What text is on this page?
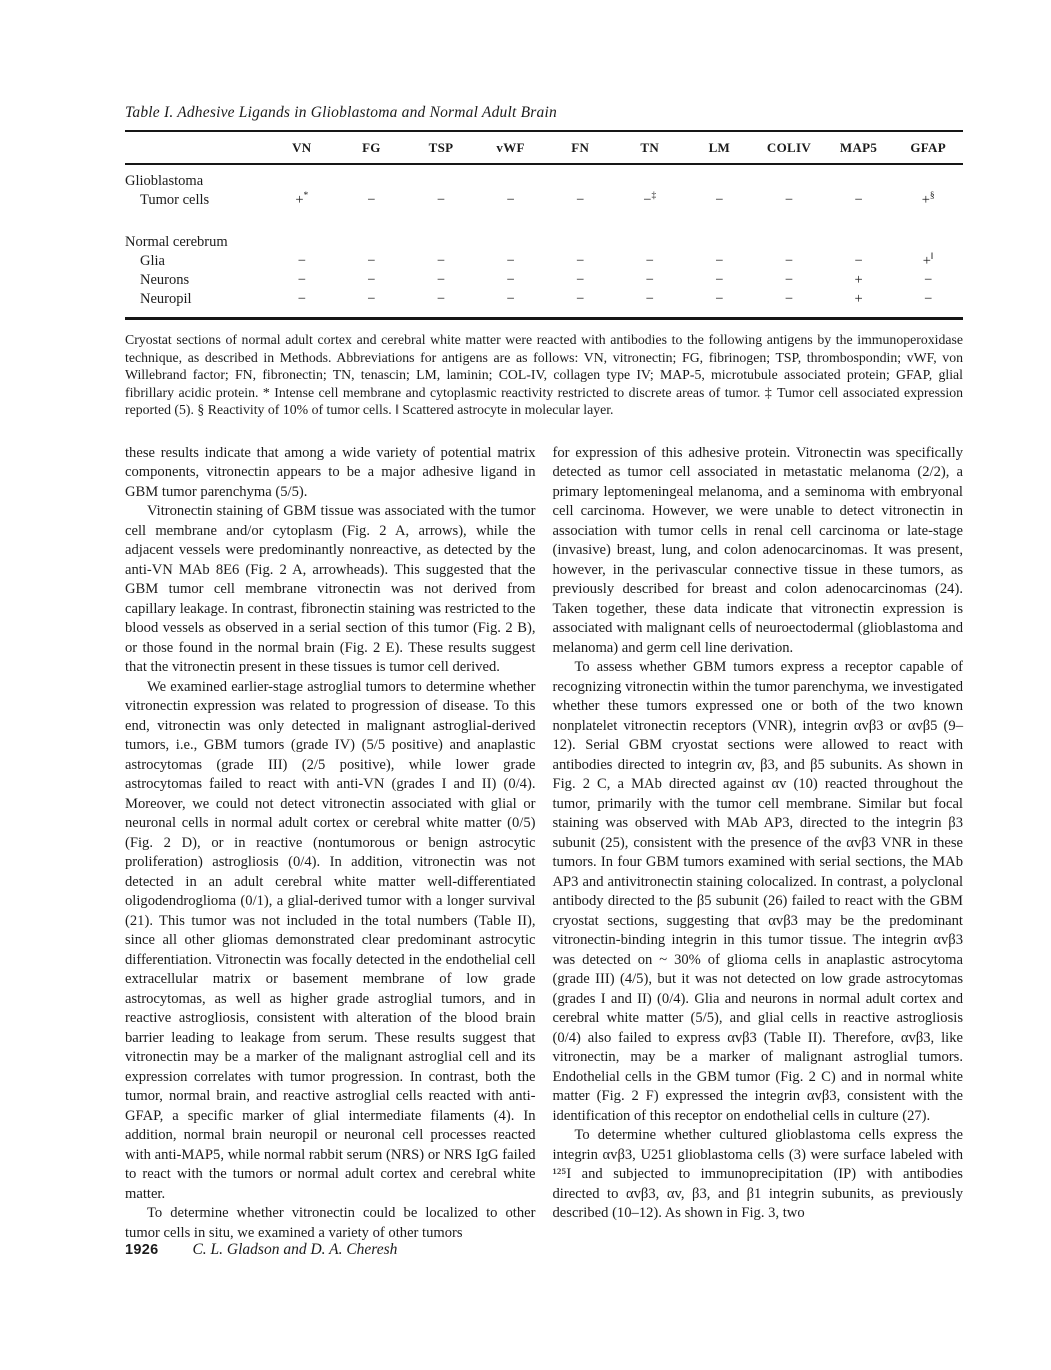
Table I. Adhesive Ligands in Glioblastoma and Normal Adult Brain

	VN	FG	TSP	vWF	FN	TN	LM	COLIV	MAP5	GFAP
Glioblastoma										
Tumor cells	+*	−	−	−	−	−‡	−	−	−	+§

Normal cerebrum										
Glia	−	−	−	−	−	−	−	−	−	+‖
Neurons	−	−	−	−	−	−	−	−	+	−
Neuropil	−	−	−	−	−	−	−	−	+	−

Cryostat sections of normal adult cortex and cerebral white matter were reacted with antibodies to the following antigens by the immunoperoxidase technique, as described in Methods. Abbreviations for antigens are as follows: VN, vitronectin; FG, fibrinogen; TSP, thrombospondin; vWF, von Willebrand factor; FN, fibronectin; TN, tenascin; LM, laminin; COL-IV, collagen type IV; MAP-5, microtubule associated protein; GFAP, glial fibrillary acidic protein. * Intense cell membrane and cytoplasmic reactivity restricted to discrete areas of tumor. ‡ Tumor cell associated expression reported (5). § Reactivity of 10% of tumor cells. ‖ Scattered astrocyte in molecular layer.

these results indicate that among a wide variety of potential matrix components, vitronectin appears to be a major adhesive ligand in GBM tumor parenchyma (5/5).

Vitronectin staining of GBM tissue was associated with the tumor cell membrane and/or cytoplasm (Fig. 2 A, arrows), while the adjacent vessels were predominantly nonreactive, as detected by the anti-VN MAb 8E6 (Fig. 2 A, arrowheads). This suggested that the GBM tumor cell membrane vitronectin was not derived from capillary leakage. In contrast, fibronectin staining was restricted to the blood vessels as observed in a serial section of this tumor (Fig. 2 B), or those found in the normal brain (Fig. 2 E). These results suggest that the vitronectin present in these tissues is tumor cell derived.

We examined earlier-stage astroglial tumors to determine whether vitronectin expression was related to progression of disease. To this end, vitronectin was only detected in malignant astroglial-derived tumors, i.e., GBM tumors (grade IV) (5/5 positive) and anaplastic astrocytomas (grade III) (2/5 positive), while lower grade astrocytomas failed to react with anti-VN (grades I and II) (0/4). Moreover, we could not detect vitronectin associated with glial or neuronal cells in normal adult cortex or cerebral white matter (0/5) (Fig. 2 D), or in reactive (nontumorous or benign astrocytic proliferation) astrogliosis (0/4). In addition, vitronectin was not detected in an adult cerebral white matter well-differentiated oligodendroglioma (0/1), a glial-derived tumor with a longer survival (21). This tumor was not included in the total numbers (Table II), since all other gliomas demonstrated clear predominant astrocytic differentiation. Vitronectin was focally detected in the endothelial cell extracellular matrix or basement membrane of low grade astrocytomas, as well as higher grade astroglial tumors, and in reactive astrogliosis, consistent with alteration of the blood brain barrier leading to leakage from serum. These results suggest that vitronectin may be a marker of the malignant astroglial cell and its expression correlates with tumor progression. In contrast, both the tumor, normal brain, and reactive astroglial cells reacted with anti-GFAP, a specific marker of glial intermediate filaments (4). In addition, normal brain neuropil or neuronal cell processes reacted with anti-MAP5, while normal rabbit serum (NRS) or NRS IgG failed to react with the tumors or normal adult cortex and cerebral white matter.

To determine whether vitronectin could be localized to other tumor cells in situ, we examined a variety of other tumors

for expression of this adhesive protein. Vitronectin was specifically detected as tumor cell associated in metastatic melanoma (2/2), a primary leptomeningeal melanoma, and a seminoma with embryonal cell carcinoma. However, we were unable to detect vitronectin in association with tumor cells in renal cell carcinoma or late-stage (invasive) breast, lung, and colon adenocarcinomas. It was present, however, in the perivascular connective tissue in these tumors, as previously described for breast and colon adenocarcinomas (24). Taken together, these data indicate that vitronectin expression is associated with malignant cells of neuroectodermal (glioblastoma and melanoma) and germ cell line derivation.

To assess whether GBM tumors express a receptor capable of recognizing vitronectin within the tumor parenchyma, we investigated whether these tumors expressed one or both of the two known nonplatelet vitronectin receptors (VNR), integrin αvβ3 or αvβ5 (9–12). Serial GBM cryostat sections were allowed to react with antibodies directed to integrin αv, β3, and β5 subunits. As shown in Fig. 2 C, a MAb directed against αv (10) reacted throughout the tumor, primarily with the tumor cell membrane. Similar but focal staining was observed with MAb AP3, directed to the integrin β3 subunit (25), consistent with the presence of the αvβ3 VNR in these tumors. In four GBM tumors examined with serial sections, the MAb AP3 and antivitronectin staining colocalized. In contrast, a polyclonal antibody directed to the β5 subunit (26) failed to react with the GBM cryostat sections, suggesting that αvβ3 may be the predominant vitronectin-binding integrin in this tumor tissue. The integrin αvβ3 was detected on ~ 30% of glioma cells in anaplastic astrocytoma (grade III) (4/5), but it was not detected on low grade astrocytomas (grades I and II) (0/4). Glia and neurons in normal adult cortex and cerebral white matter (5/5), and glial cells in reactive astrogliosis (0/4) also failed to express αvβ3 (Table II). Therefore, αvβ3, like vitronectin, may be a marker of malignant astroglial tumors. Endothelial cells in the GBM tumor (Fig. 2 C) and in normal white matter (Fig. 2 F) expressed the integrin αvβ3, consistent with the identification of this receptor on endothelial cells in culture (27).

To determine whether cultured glioblastoma cells express the integrin αvβ3, U251 glioblastoma cells (3) were surface labeled with ¹²⁵I and subjected to immunoprecipitation (IP) with antibodies directed to αvβ3, αv, β3, and β1 integrin subunits, as previously described (10–12). As shown in Fig. 3, two

1926 C. L. Gladson and D. A. Cheresh
